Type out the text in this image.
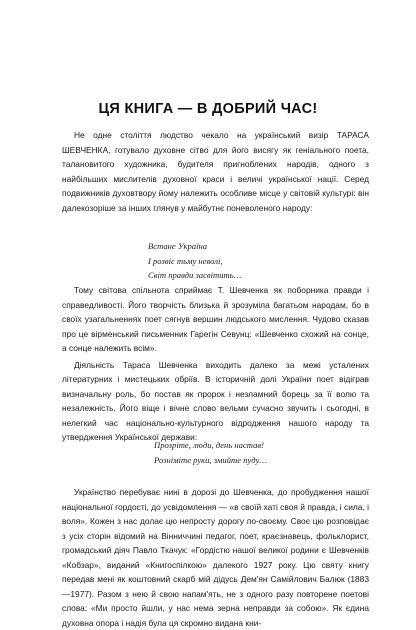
ЦЯ КНИГА — В ДОБРИЙ ЧАС!

Не одне століття людство чекало на український визір ТАРАСА ШЕВЧЕНКА, готувало духовне сітво для його висягу як геніального поета, талановитого художника, будителя пригноблених народів, одного з найбільших мислителів духовної краси і величі української нації. Серед подвижників духовтвору йому належить особливе місце у світовій культурі: він далекозоріше за інших глянув у майбутнє поневоленого народу:

Встане Україна
І розвіє тьму неволі,
Світ правди засвітить…

Тому світова спільнота сприймає Т. Шевченка як поборника правди і справедливості. Його творчість близька й зрозуміла багатьом народам, бо в своїх узагальненнях поет сягнув вершин людського мислення. Чудово сказав про це вірменський письменник Гарегін Севунц: «Шевченко схожий на сонце, а сонце належить всім».

Діяльність Тараса Шевченка виходить далеко за межі усталених літературних і мистецьких обріїв. В історичній долі України поет відіграв визначальну роль, бо постав як пророк і незламний борець за її волю та незалежність. Його віще і вічне слово вельми сучасно звучить і сьогодні, в нелегкий час національно-культурного відродження нашого народу та утвердження Української держави:

Прозріте, люди, день настав!
Розніміте руки, змийте пуду…

Українство перебуває нині в дорозі до Шевченка, до пробудження нашої національної гордості, до усвідомлення — «в своїй хаті своя й правда, і сила, і воля». Кожен з нас долає цю непросту дорогу по-своєму. Своє цю розповідає з усіх сторін відомий на Вінниччині педагог, поет, краєзнавець, фольклорист, громадський діяч Павло Ткачук: «Гордістю нашої великої родини є Шевченків «Кобзар», виданий «Книгоспілкою» далекого 1927 року. Цю святу книгу передав мені як коштовний скарб мій дідусь Дем'ян Самійлович Балюк (1883—1977). Разом з нею й свою напам'ять, не з одного разу повторене поетові слова: «Ми просто йшли, у нас нема зерна неправди за собою». Як єдина духовна опора і надія була ця скромно видана кни-
